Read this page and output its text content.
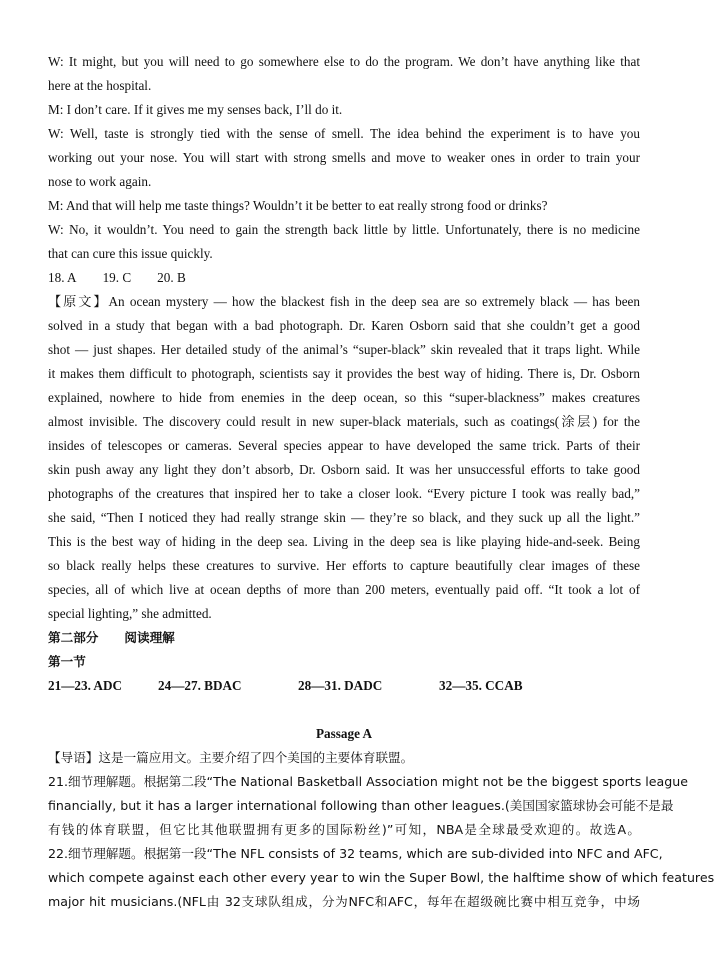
W: It might, but you will need to go somewhere else to do the program. We don’t have anything like that
here at the hospital.
M: I don’t care. If it gives me my senses back, I’ll do it.
W: Well, taste is strongly tied with the sense of smell. The idea behind the experiment is to have you
working out your nose. You will start with strong smells and move to weaker ones in order to train your
nose to work again.
M: And that will help me taste things? Wouldn’t it be better to eat really strong food or drinks?
W: No, it wouldn’t. You need to gain the strength back little by little. Unfortunately, there is no medicine
that can cure this issue quickly.
18. A 19. C 20. B
【原文】An ocean mystery — how the blackest fish in the deep sea are so extremely black — has been
solved in a study that began with a bad photograph. Dr. Karen Osborn said that she couldn’t get a good
shot — just shapes. Her detailed study of the animal’s “super-black” skin revealed that it traps light. While
it makes them difficult to photograph, scientists say it provides the best way of hiding. There is, Dr. Osborn
explained, nowhere to hide from enemies in the deep ocean, so this “super-blackness” makes creatures
almost invisible. The discovery could result in new super-black materials, such as coatings(涂层) for the
insides of telescopes or cameras. Several species appear to have developed the same trick. Parts of their
skin push away any light they don’t absorb, Dr. Osborn said. It was her unsuccessful efforts to take good
photographs of the creatures that inspired her to take a closer look. “Every picture I took was really bad,”
she said, “Then I noticed they had really strange skin — they’re so black, and they suck up all the light.”
This is the best way of hiding in the deep sea. Living in the deep sea is like playing hide-and-seek. Being
so black really helps these creatures to survive. Her efforts to capture beautifully clear images of these
species, all of which live at ocean depths of more than 200 meters, eventually paid off. “It took a lot of
special lighting,” she admitted.
第二部分 阅读理解
第一节
21—23. ADC	24—27. BDAC	28—31. DADC	32—35. CCAB
Passage A
【导语】这是一篇应用文。主要介绍了四个美国的主要体育联盟。
21.细节理解题。根据第二段“The National Basketball Association might not be the biggest sports league
financially, but it has a larger international following than other leagues.(美国国家篮球协会可能不是最
有钱的体育联盟，但它比其他联盟拥有更多的国际粉丝)”可知，NBA是全球最受欢迎的。故选A。
22.细节理解题。根据第一段“The NFL consists of 32 teams, which are sub-divided into NFC and AFC,
which compete against each other every year to win the Super Bowl, the halftime show of which features
major hit musicians.(NFL由 32支球队组成，分为NFC和AFC，每年在超级碗比赛中相互竞争，中场
